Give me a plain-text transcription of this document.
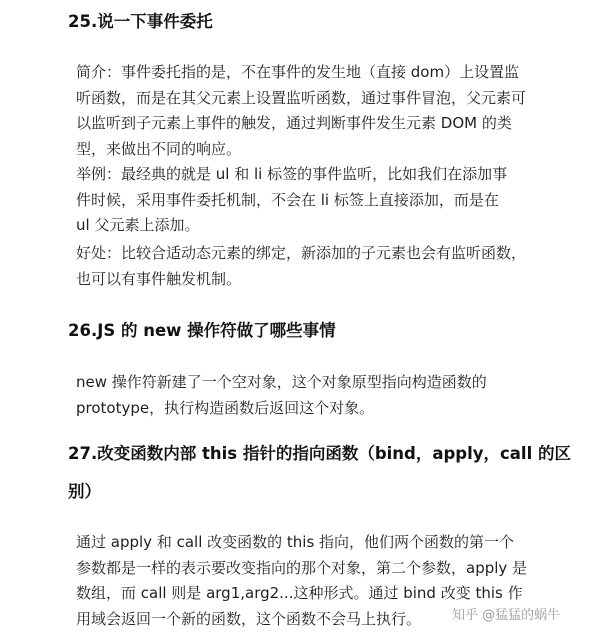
25.说一下事件委托
简介：事件委托指的是，不在事件的发生地（直接 dom）上设置监
听函数，而是在其父元素上设置监听函数，通过事件冒泡，父元素可
以监听到子元素上事件的触发，通过判断事件发生元素 DOM 的类
型，来做出不同的响应。
举例：最经典的就是 ul 和 li 标签的事件监听，比如我们在添加事
件时候，采用事件委托机制，不会在 li 标签上直接添加，而是在
ul 父元素上添加。
好处：比较合适动态元素的绑定，新添加的子元素也会有监听函数，
也可以有事件触发机制。
26.JS 的 new 操作符做了哪些事情
new 操作符新建了一个空对象，这个对象原型指向构造函数的
prototype，执行构造函数后返回这个对象。
27.改变函数内部 this 指针的指向函数（bind，apply，call 的区
别）
通过 apply 和 call 改变函数的 this 指向，他们两个函数的第一个
参数都是一样的表示要改变指向的那个对象，第二个参数，apply 是
数组，而 call 则是 arg1,arg2...这种形式。通过 bind 改变 this 作
用域会返回一个新的函数，这个函数不会马上执行。	知乎 @猛猛的蜗牛
